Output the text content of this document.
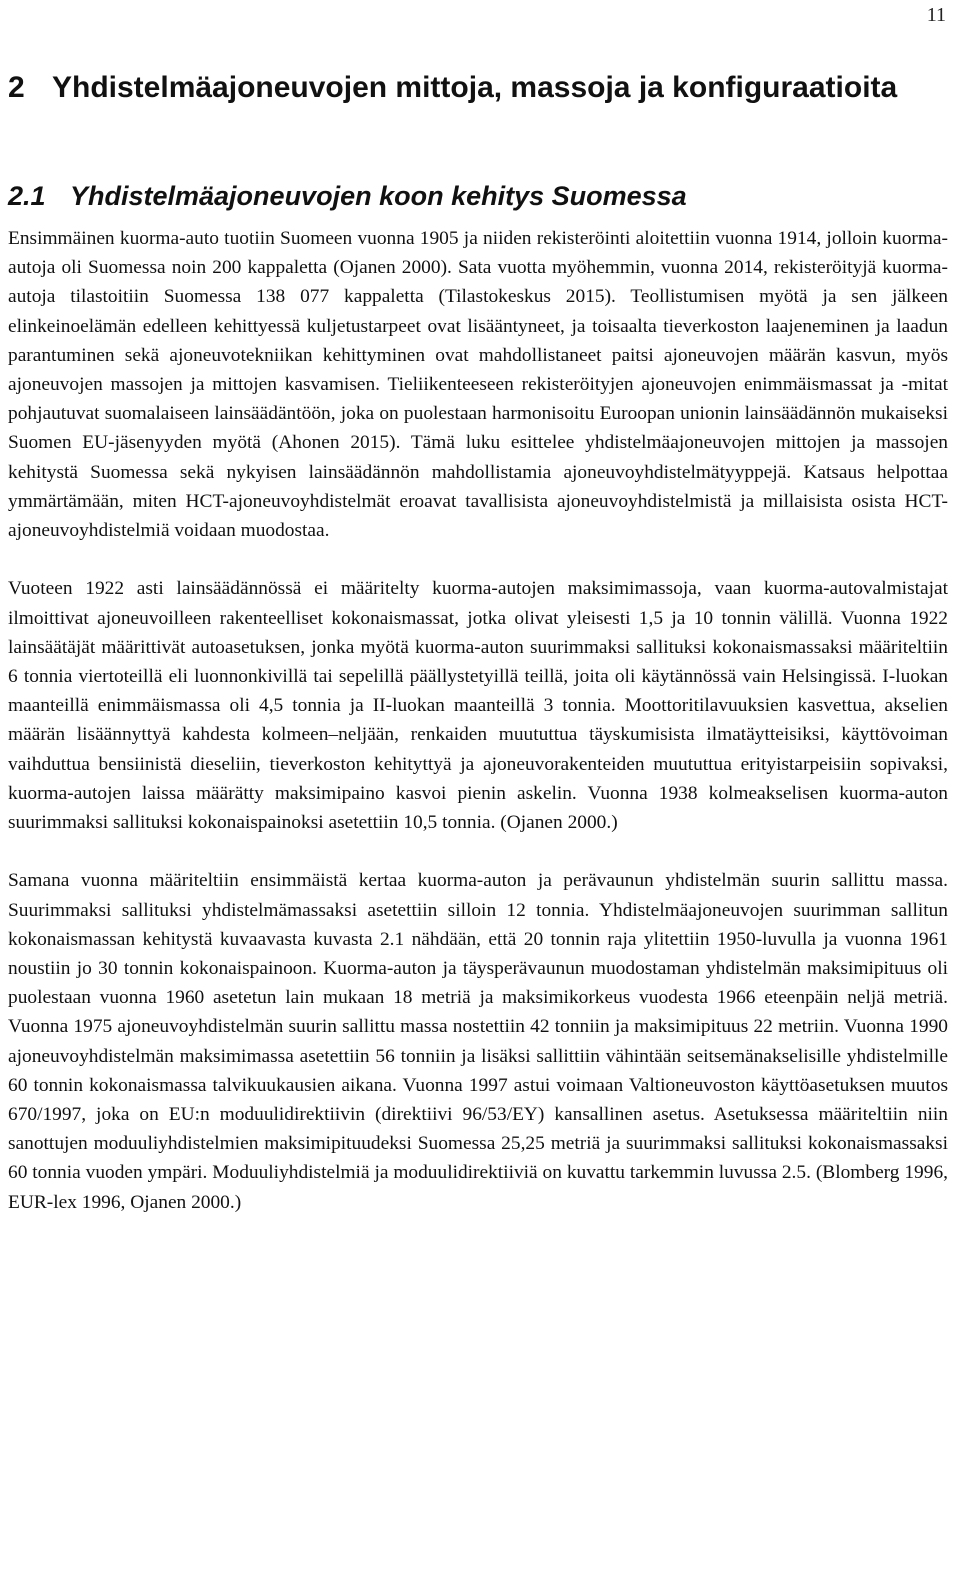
11
2 Yhdistelmäajoneuvojen mittoja, massoja ja konfiguraatioita
2.1 Yhdistelmäajoneuvojen koon kehitys Suomessa

Ensimmäinen kuorma-auto tuotiin Suomeen vuonna 1905 ja niiden rekisteröinti aloitettiin vuonna 1914, jolloin kuorma-autoja oli Suomessa noin 200 kappaletta (Ojanen 2000). Sata vuotta myöhemmin, vuonna 2014, rekisteröityjä kuorma-autoja tilastoitiin Suomessa 138 077 kappaletta (Tilastokeskus 2015). Teollistumisen myötä ja sen jälkeen elinkeinoelämän edelleen kehittyessä kuljetustarpeet ovat lisääntyneet, ja toisaalta tieverkoston laajeneminen ja laadun parantuminen sekä ajoneuvotekniikan kehittyminen ovat mahdollistaneet paitsi ajoneuvojen määrän kasvun, myös ajoneuvojen massojen ja mittojen kasvamisen. Tieliikenteeseen rekisteröityjen ajoneuvojen enimmäismassat ja -mitat pohjautuvat suomalaiseen lainsäädäntöön, joka on puolestaan harmonisoitu Euroopan unionin lainsäädännön mukaiseksi Suomen EU-jäsenyyden myötä (Ahonen 2015). Tämä luku esittelee yhdistelmäajoneuvojen mittojen ja massojen kehitystä Suomessa sekä nykyisen lainsäädännön mahdollistamia ajoneuvoyhdistelmätyyppejä. Katsaus helpottaa ymmärtämään, miten HCT-ajoneuvoyhdistelmät eroavat tavallisista ajoneuvoyhdistelmistä ja millaisista osista HCT-ajoneuvoyhdistelmiä voidaan muodostaa.

Vuoteen 1922 asti lainsäädännössä ei määritelty kuorma-autojen maksimimassoja, vaan kuorma-autovalmistajat ilmoittivat ajoneuvoilleen rakenteelliset kokonaismassat, jotka olivat yleisesti 1,5 ja 10 tonnin välillä. Vuonna 1922 lainsäätäjät määrittivät autoasetuksen, jonka myötä kuorma-auton suurimmaksi sallituksi kokonaismassaksi määriteltiin 6 tonnia viertoteillä eli luonnonkivillä tai sepelillä päällystetyillä teillä, joita oli käytännössä vain Helsingissä. I-luokan maanteillä enimmäismassa oli 4,5 tonnia ja II-luokan maanteillä 3 tonnia. Moottoritilavuuksien kasvettua, akselien määrän lisäännyttyä kahdesta kolmeen–neljään, renkaiden muututtua täyskumisista ilmatäytteisiksi, käyttövoiman vaihduttua bensiinistä dieseliin, tieverkoston kehityttyä ja ajoneuvorakenteiden muututtua erityistarpeisiin sopivaksi, kuorma-autojen laissa määrätty maksimipaino kasvoi pienin askelin. Vuonna 1938 kolmeakselisen kuorma-auton suurimmaksi sallituksi kokonaispainoksi asetettiin 10,5 tonnia. (Ojanen 2000.)

Samana vuonna määriteltiin ensimmäistä kertaa kuorma-auton ja perävaunun yhdistelmän suurin sallittu massa. Suurimmaksi sallituksi yhdistelmämassaksi asetettiin silloin 12 tonnia. Yhdistelmäajoneuvojen suurimman sallitun kokonaismassan kehitystä kuvaavasta kuvasta 2.1 nähdään, että 20 tonnin raja ylitettiin 1950-luvulla ja vuonna 1961 noustiin jo 30 tonnin kokonaispainoon. Kuorma-auton ja täysperävaunun muodostaman yhdistelmän maksimipituus oli puolestaan vuonna 1960 asetetun lain mukaan 18 metriä ja maksimikorkeus vuodesta 1966 eteenpäin neljä metriä. Vuonna 1975 ajoneuvoyhdistelmän suurin sallittu massa nostettiin 42 tonniin ja maksimipituus 22 metriin. Vuonna 1990 ajoneuvoyhdistelmän maksimimassa asetettiin 56 tonniin ja lisäksi sallittiin vähintään seitsemänakselisille yhdistelmille 60 tonnin kokonaismassa talvikuukausien aikana. Vuonna 1997 astui voimaan Valtioneuvoston käyttöasetuksen muutos 670/1997, joka on EU:n moduulidirektiivin (direktiivi 96/53/EY) kansallinen asetus. Asetuksessa määriteltiin niin sanottujen moduuliyhdistelmien maksimipituudeksi Suomessa 25,25 metriä ja suurimmaksi sallituksi kokonaismassaksi 60 tonnia vuoden ympäri. Moduuliyhdistelmiä ja moduulidirektiiviä on kuvattu tarkemmin luvussa 2.5. (Blomberg 1996, EUR-lex 1996, Ojanen 2000.)
